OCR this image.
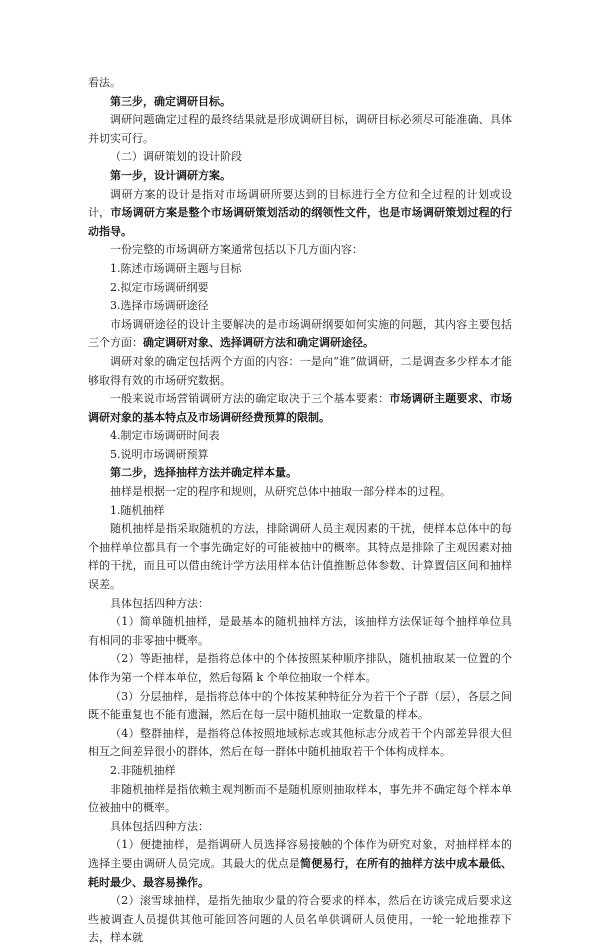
看法。

第三步，确定调研目标。

调研问题确定过程的最终结果就是形成调研目标，调研目标必须尽可能准确、具体并切实可行。

（二）调研策划的设计阶段

第一步，设计调研方案。

调研方案的设计是指对市场调研所要达到的目标进行全方位和全过程的计划或设计，市场调研方案是整个市场调研策划活动的纲领性文件，也是市场调研策划过程的行动指导。

一份完整的市场调研方案通常包括以下几方面内容：

1.陈述市场调研主题与目标

2.拟定市场调研纲要

3.选择市场调研途径

市场调研途径的设计主要解决的是市场调研纲要如何实施的问题，其内容主要包括三个方面：确定调研对象、选择调研方法和确定调研途径。

调研对象的确定包括两个方面的内容：一是向“谁”做调研，二是调查多少样本才能够取得有效的市场研究数据。

一般来说市场营销调研方法的确定取决于三个基本要素：市场调研主题要求、市场调研对象的基本特点及市场调研经费预算的限制。

4.制定市场调研时间表

5.说明市场调研预算

第二步，选择抽样方法并确定样本量。

抽样是根据一定的程序和规则，从研究总体中抽取一部分样本的过程。

1.随机抽样

随机抽样是指采取随机的方法，排除调研人员主观因素的干扰，使样本总体中的每个抽样单位都具有一个事先确定好的可能被抽中的概率。其特点是排除了主观因素对抽样的干扰，而且可以借由统计学方法用样本估计值推断总体参数、计算置信区间和抽样误差。

具体包括四种方法：

（1）简单随机抽样，是最基本的随机抽样方法，该抽样方法保证每个抽样单位具有相同的非零抽中概率。

（2）等距抽样，是指将总体中的个体按照某种顺序排队，随机抽取某一位置的个体作为第一个样本单位，然后每隔 k 个单位抽取一个样本。

（3）分层抽样，是指将总体中的个体按某种特征分为若干个子群（层），各层之间既不能重复也不能有遗漏，然后在每一层中随机抽取一定数量的样本。

（4）整群抽样，是指将总体按照地域标志或其他标志分成若干个内部差异很大但相互之间差异很小的群体，然后在每一群体中随机抽取若干个体构成样本。

2.非随机抽样

非随机抽样是指依赖主观判断而不是随机原则抽取样本，事先并不确定每个样本单位被抽中的概率。

具体包括四种方法：

（1）便捷抽样，是指调研人员选择容易接触的个体作为研究对象，对抽样样本的选择主要由调研人员完成。其最大的优点是简便易行，在所有的抽样方法中成本最低、耗时最少、最容易操作。

（2）滚雪球抽样，是指先抽取少量的符合要求的样本，然后在访谈完成后要求这些被调查人员提供其他可能回答问题的人员名单供调研人员使用，一轮一轮地推荐下去，样本就
